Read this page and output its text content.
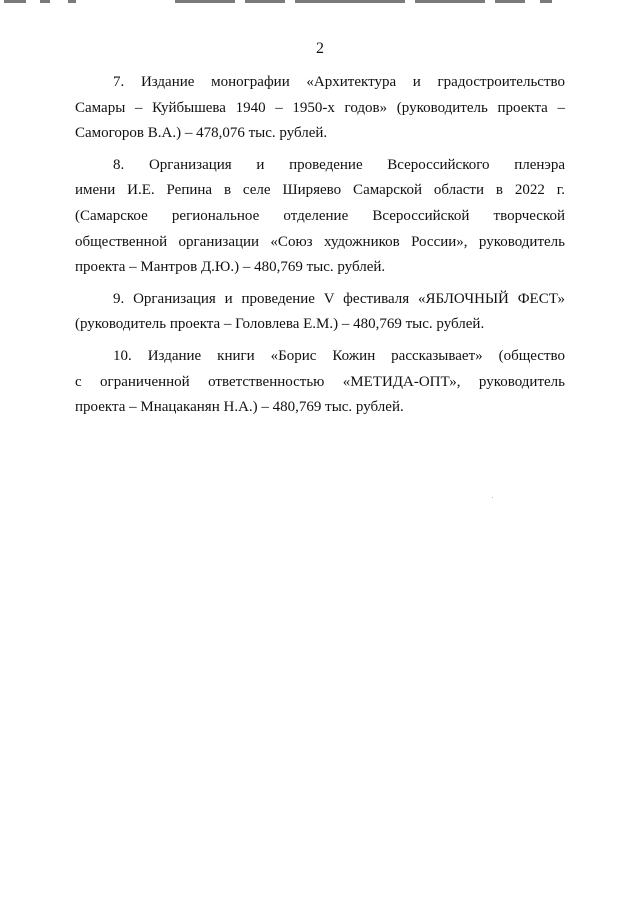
2
7. Издание монографии «Архитектура и градостроительство
Самары – Куйбышева 1940 – 1950-х годов» (руководитель проекта –
Самогоров В.А.) – 478,076 тыс. рублей.
8. Организация и проведение Всероссийского пленэра
имени И.Е. Репина в селе Ширяево Самарской области в 2022 г.
(Самарское региональное отделение Всероссийской творческой
общественной организации «Союз художников России», руководитель
проекта – Мантров Д.Ю.) – 480,769 тыс. рублей.
9. Организация и проведение V фестиваля «ЯБЛОЧНЫЙ ФЕСТ»
(руководитель проекта – Головлева Е.М.) – 480,769 тыс. рублей.
10. Издание книги «Борис Кожин рассказывает» (общество
с ограниченной ответственностью «МЕТИДА-ОПТ», руководитель
проекта – Мнацаканян Н.А.) – 480,769 тыс. рублей.
